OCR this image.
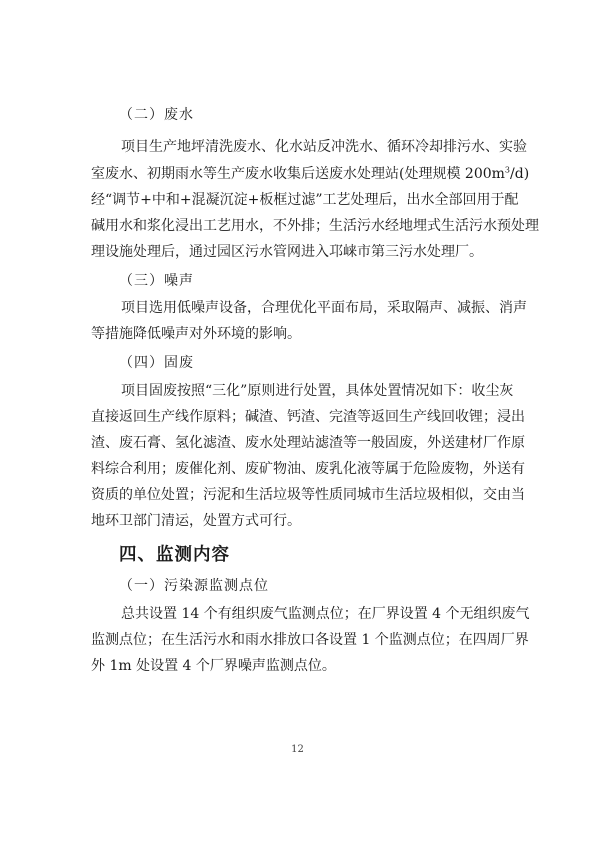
（二）废水
项目生产地坪清洗废水、化水站反冲洗水、循环冷却排污水、实验
室废水、初期雨水等生产废水收集后送废水处理站(处理规模 $200m^3/d$)
经“调节+中和+混凝沉淀+板框过滤”工艺处理后，出水全部回用于配
碱用水和浆化浸出工艺用水，不外排；生活污水经地埋式生活污水预处理
理设施处理后，通过园区污水管网进入邛崃市第三污水处理厂。
（三）噪声
项目选用低噪声设备，合理优化平面布局，采取隔声、减振、消声
等措施降低噪声对外环境的影响。
（四）固废
项目固废按照“三化”原则进行处置，具体处置情况如下：收尘灰
直接返回生产线作原料；碱渣、钙渣、完渣等返回生产线回收锂；浸出
渣、废石膏、氢化滤渣、废水处理站滤渣等一般固废，外送建材厂作原
料综合利用；废催化剂、废矿物油、废乳化液等属于危险废物，外送有
资质的单位处置；污泥和生活垃圾等性质同城市生活垃圾相似，交由当
地环卫部门清运，处置方式可行。
四、监测内容
（一）污染源监测点位
总共设置 14 个有组织废气监测点位；在厂界设置 4 个无组织废气
监测点位；在生活污水和雨水排放口各设置 1 个监测点位；在四周厂界
外 1m 处设置 4 个厂界噪声监测点位。
12
